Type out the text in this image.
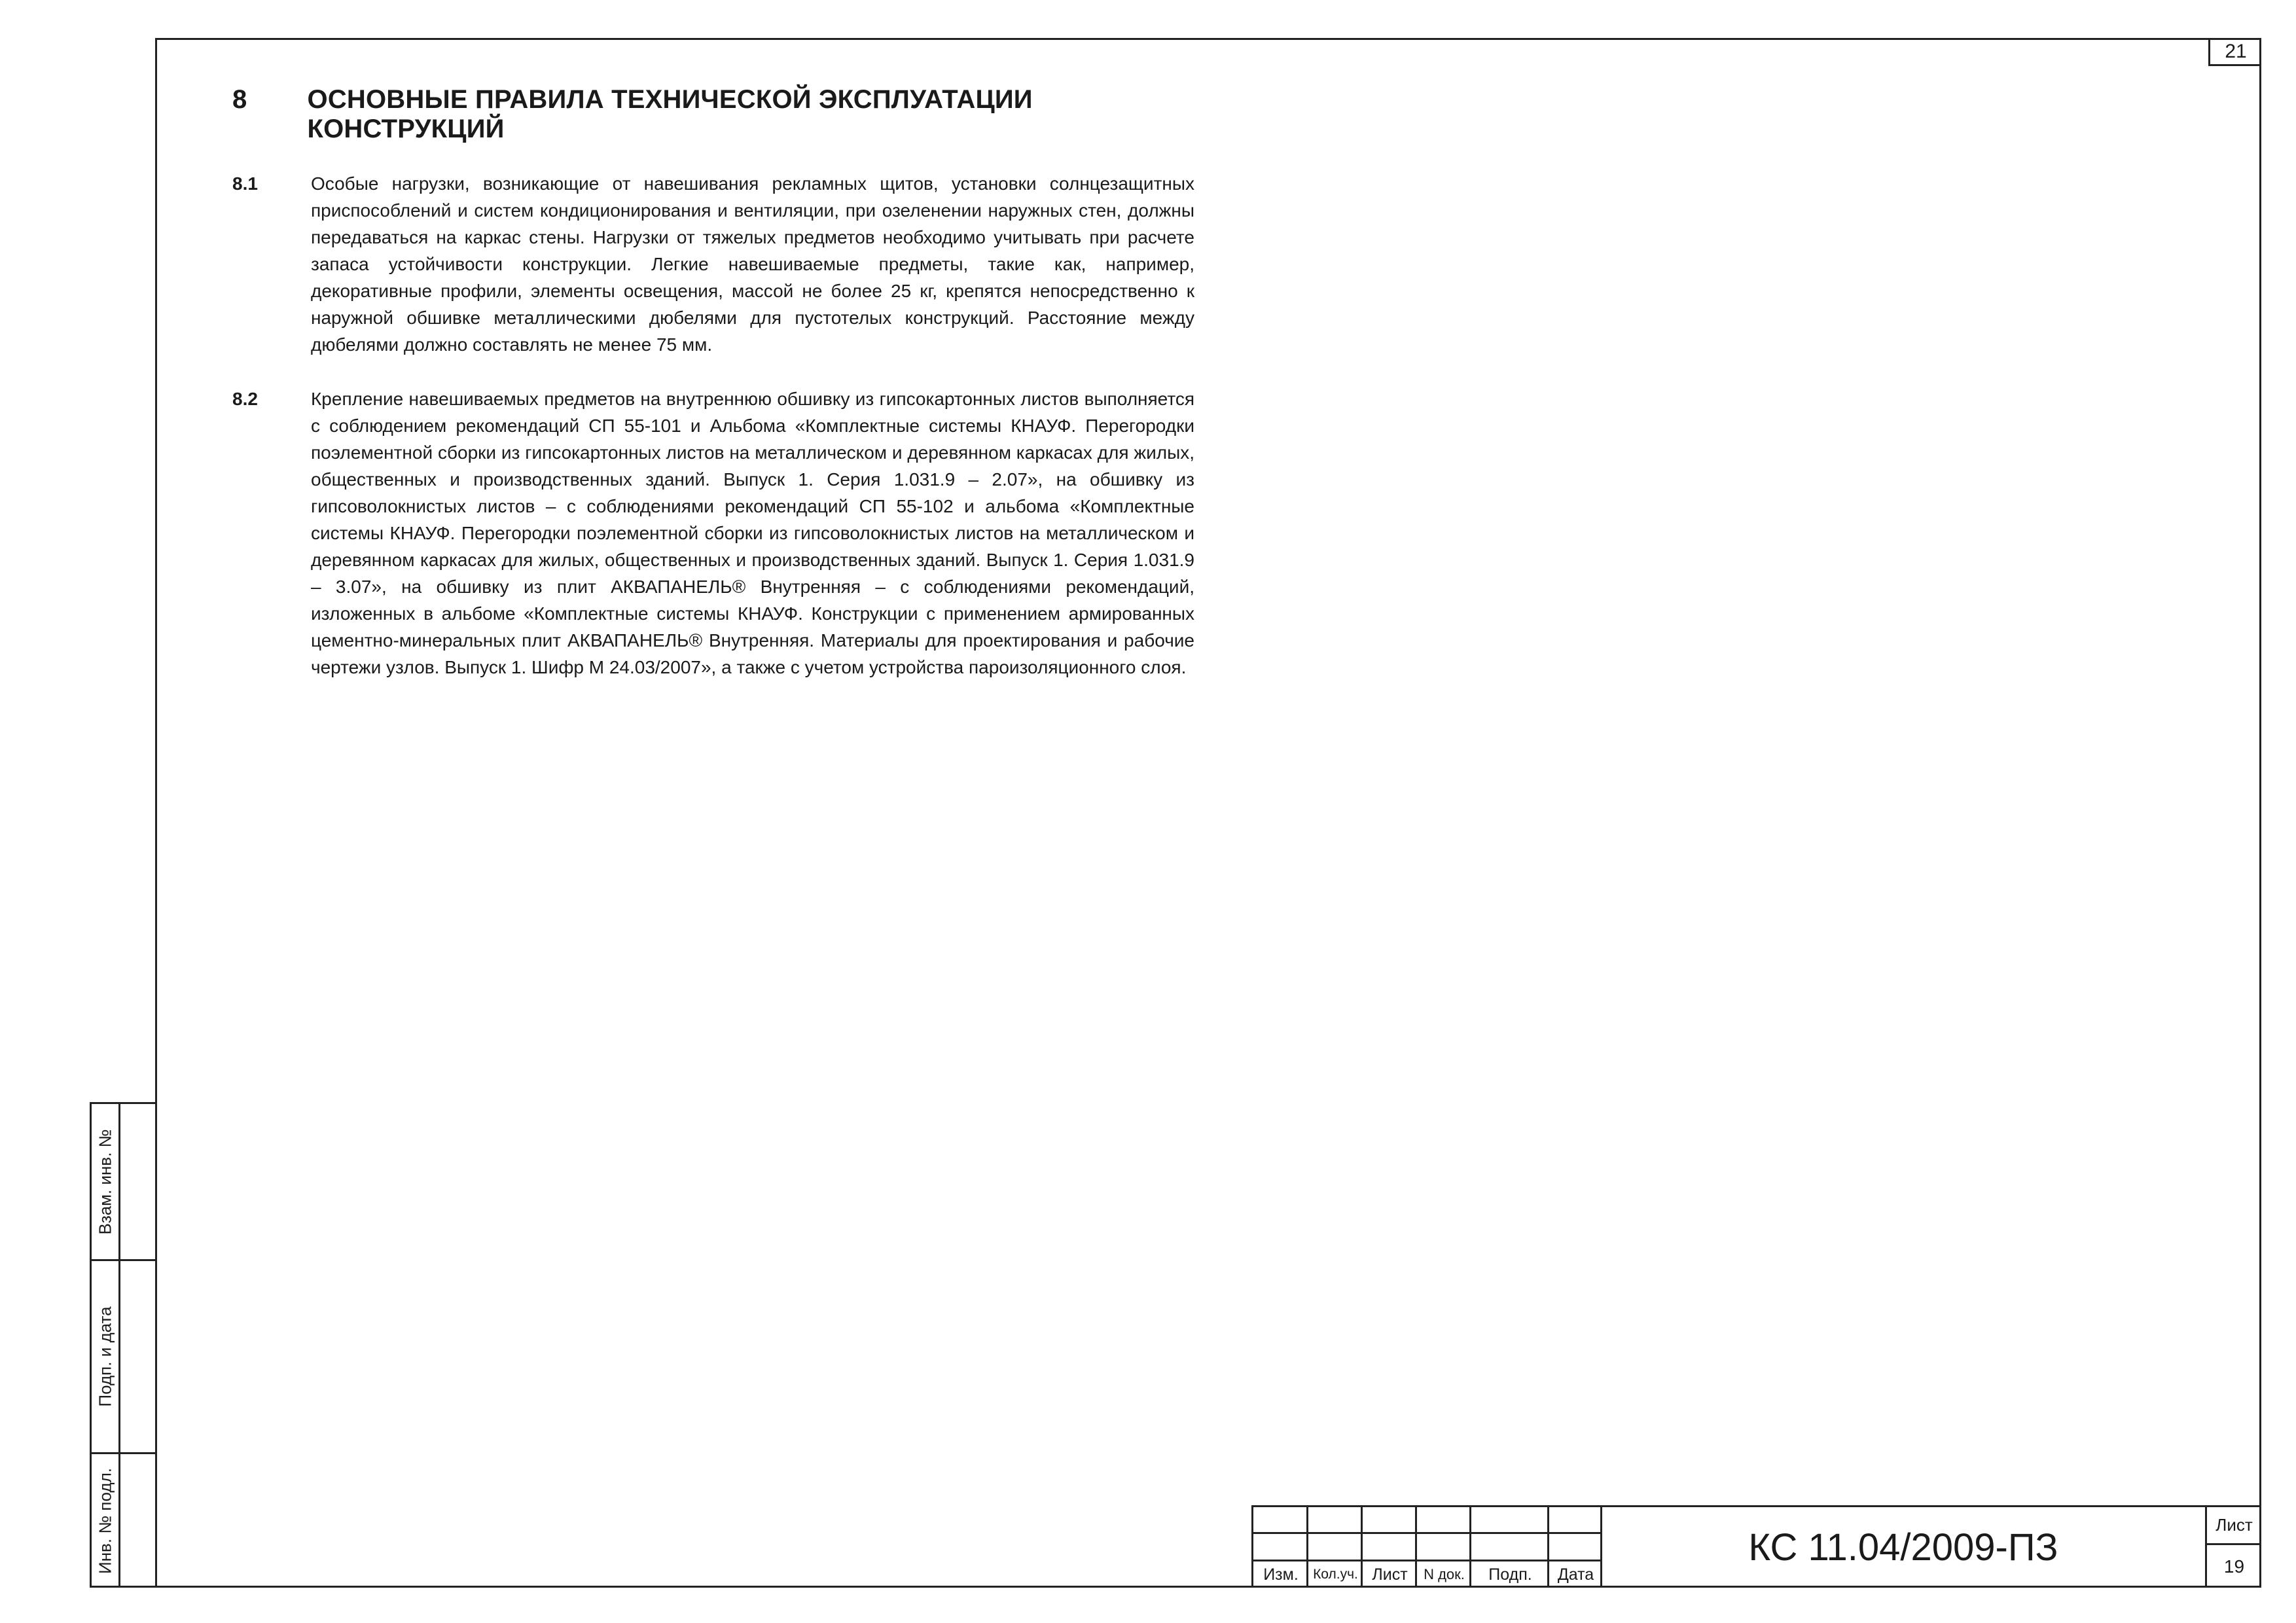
21
8	ОСНОВНЫЕ ПРАВИЛА ТЕХНИЧЕСКОЙ ЭКСПЛУАТАЦИИ КОНСТРУКЦИЙ
8.1	Особые нагрузки, возникающие от навешивания рекламных щитов, установки солнцезащитных приспособлений и систем кондиционирования и вентиляции, при озеленении наружных стен, должны передаваться на каркас стены. Нагрузки от тяжелых предметов необходимо учитывать при расчете запаса устойчивости конструкции. Легкие навешиваемые предметы, такие как, например, декоративные профили, элементы освещения, массой не более 25 кг, крепятся непосредственно к наружной обшивке металлическими дюбелями для пустотелых конструкций. Расстояние между дюбелями должно составлять не менее 75 мм.

8.2	Крепление навешиваемых предметов на внутреннюю обшивку из гипсокартонных листов выполняется с соблюдением рекомендаций СП 55-101 и Альбома «Комплектные системы КНАУФ. Перегородки поэлементной сборки из гипсокартонных листов на металлическом и деревянном каркасах для жилых, общественных и производственных зданий. Выпуск 1. Серия 1.031.9 – 2.07», на обшивку из гипсоволокнистых листов – с соблюдениями рекомендаций СП 55-102 и альбома «Комплектные системы КНАУФ. Перегородки поэлементной сборки из гипсоволокнистых листов на металлическом и деревянном каркасах для жилых, общественных и производственных зданий. Выпуск 1. Серия 1.031.9 – 3.07», на обшивку из плит АКВАПАНЕЛЬ® Внутренняя – с соблюдениями рекомендаций, изложенных в альбоме «Комплектные системы КНАУФ. Конструкции с применением армированных цементно-минеральных плит АКВАПАНЕЛЬ® Внутренняя. Материалы для проектирования и рабочие чертежи узлов. Выпуск 1. Шифр М 24.03/2007», а также с учетом устройства пароизоляционного слоя.

Взам. инв. №
Подп. и дата
Инв. № подл.
Изм.	Кол.уч. Лист	N док.	Подп.	Дата
КС 11.04/2009-ПЗ
Лист
19
